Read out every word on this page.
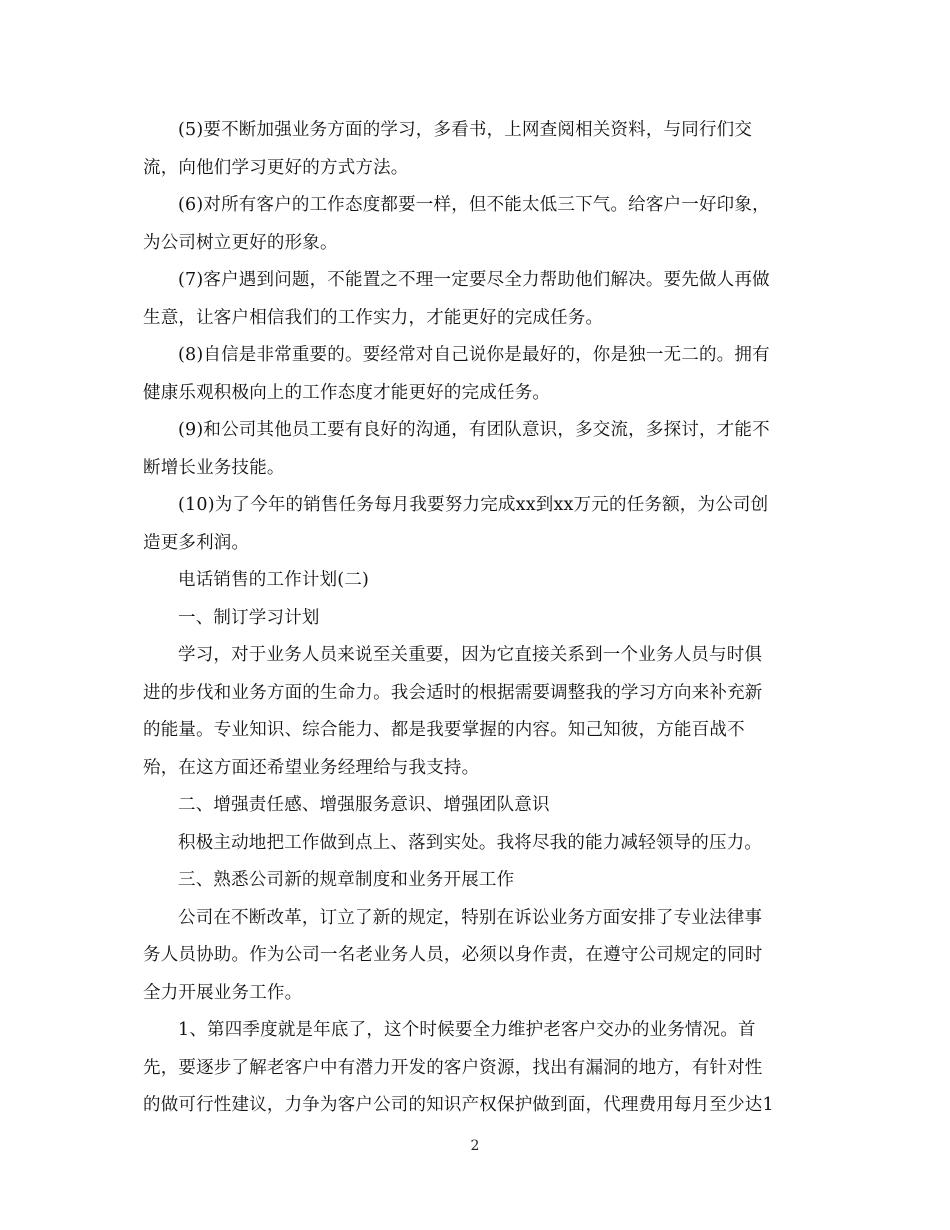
(5)要不断加强业务方面的学习，多看书，上网查阅相关资料，与同行们交
流，向他们学习更好的方式方法。
(6)对所有客户的工作态度都要一样，但不能太低三下气。给客户一好印象，
为公司树立更好的形象。
(7)客户遇到问题，不能置之不理一定要尽全力帮助他们解决。要先做人再做
生意，让客户相信我们的工作实力，才能更好的完成任务。
(8)自信是非常重要的。要经常对自己说你是最好的，你是独一无二的。拥有
健康乐观积极向上的工作态度才能更好的完成任务。
(9)和公司其他员工要有良好的沟通，有团队意识，多交流，多探讨，才能不
断增长业务技能。
(10)为了今年的销售任务每月我要努力完成xx到xx万元的任务额，为公司创
造更多利润。
电话销售的工作计划(二)
一、制订学习计划
学习，对于业务人员来说至关重要，因为它直接关系到一个业务人员与时俱
进的步伐和业务方面的生命力。我会适时的根据需要调整我的学习方向来补充新
的能量。专业知识、综合能力、都是我要掌握的内容。知己知彼，方能百战不
殆，在这方面还希望业务经理给与我支持。
二、增强责任感、增强服务意识、增强团队意识
积极主动地把工作做到点上、落到实处。我将尽我的能力减轻领导的压力。
三、熟悉公司新的规章制度和业务开展工作
公司在不断改革，订立了新的规定，特别在诉讼业务方面安排了专业法律事
务人员协助。作为公司一名老业务人员，必须以身作责，在遵守公司规定的同时
全力开展业务工作。
1、第四季度就是年底了，这个时候要全力维护老客户交办的业务情况。首
先，要逐步了解老客户中有潜力开发的客户资源，找出有漏洞的地方，有针对性
的做可行性建议，力争为客户公司的知识产权保护做到面，代理费用每月至少达1
2
